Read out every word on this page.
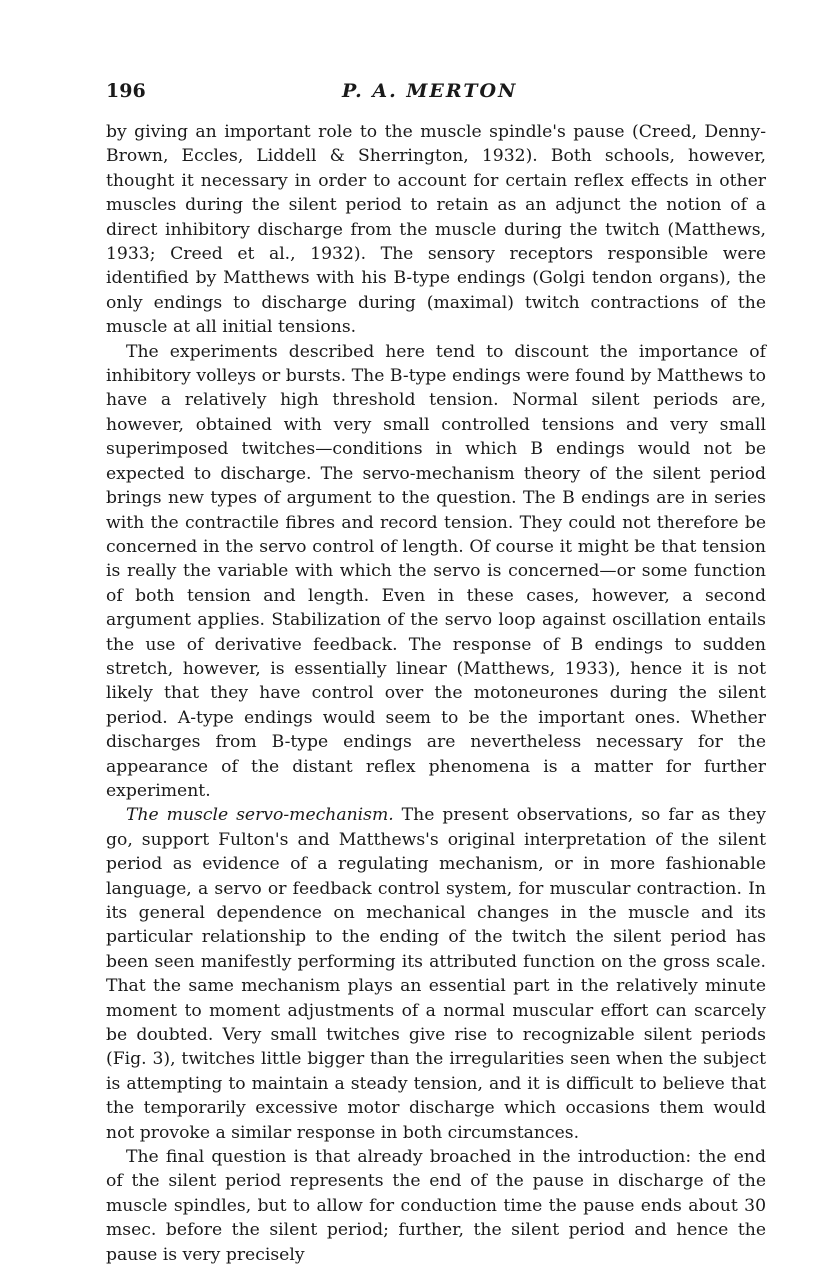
196	P. A. MERTON

by giving an important role to the muscle spindle's pause (Creed, Denny-Brown, Eccles, Liddell & Sherrington, 1932). Both schools, however, thought it necessary in order to account for certain reflex effects in other muscles during the silent period to retain as an adjunct the notion of a direct inhibitory discharge from the muscle during the twitch (Matthews, 1933; Creed et al., 1932). The sensory receptors responsible were identified by Matthews with his B-type endings (Golgi tendon organs), the only endings to discharge during (maximal) twitch contractions of the muscle at all initial tensions.

The experiments described here tend to discount the importance of inhibitory volleys or bursts. The B-type endings were found by Matthews to have a relatively high threshold tension. Normal silent periods are, however, obtained with very small controlled tensions and very small superimposed twitches—conditions in which B endings would not be expected to discharge. The servo-mechanism theory of the silent period brings new types of argument to the question. The B endings are in series with the contractile fibres and record tension. They could not therefore be concerned in the servo control of length. Of course it might be that tension is really the variable with which the servo is concerned—or some function of both tension and length. Even in these cases, however, a second argument applies. Stabilization of the servo loop against oscillation entails the use of derivative feedback. The response of B endings to sudden stretch, however, is essentially linear (Matthews, 1933), hence it is not likely that they have control over the motoneurones during the silent period. A-type endings would seem to be the important ones. Whether discharges from B-type endings are nevertheless necessary for the appearance of the distant reflex phenomena is a matter for further experiment.

The muscle servo-mechanism. The present observations, so far as they go, support Fulton's and Matthews's original interpretation of the silent period as evidence of a regulating mechanism, or in more fashionable language, a servo or feedback control system, for muscular contraction. In its general dependence on mechanical changes in the muscle and its particular relationship to the ending of the twitch the silent period has been seen manifestly performing its attributed function on the gross scale. That the same mechanism plays an essential part in the relatively minute moment to moment adjustments of a normal muscular effort can scarcely be doubted. Very small twitches give rise to recognizable silent periods (Fig. 3), twitches little bigger than the irregularities seen when the subject is attempting to maintain a steady tension, and it is difficult to believe that the temporarily excessive motor discharge which occasions them would not provoke a similar response in both circumstances.

The final question is that already broached in the introduction: the end of the silent period represents the end of the pause in discharge of the muscle spindles, but to allow for conduction time the pause ends about 30 msec. before the silent period; further, the silent period and hence the pause is very precisely
